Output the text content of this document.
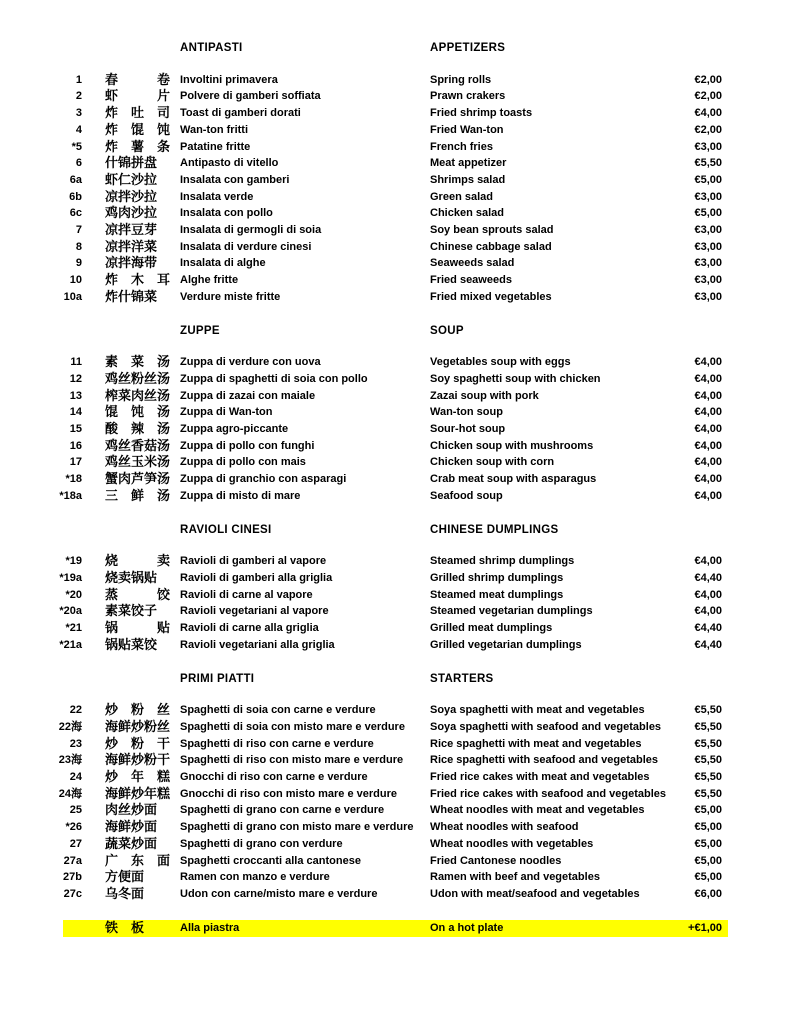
ANTIPASTI	APPETIZERS
1	春　　　卷 Involtini primavera	Spring rolls	€2,00
2	虾　　　片 Polvere di gamberi soffiata	Prawn crakers	€2,00
3	炸　吐　司 Toast di gamberi dorati	Fried shrimp toasts	€4,00
4	炸　馄　饨 Wan-ton fritti	Fried Wan-ton	€2,00
*5	炸　薯　条 Patatine fritte	French fries	€3,00
6	什锦拼盘	Antipasto di vitello	Meat appetizer	€5,50
6a	虾仁沙拉	Insalata con gamberi	Shrimps salad	€5,00
6b	凉拌沙拉	Insalata verde	Green salad	€3,00
6c	鸡肉沙拉	Insalata con pollo	Chicken salad	€5,00
7	凉拌豆芽	Insalata di germogli di soia	Soy bean sprouts salad	€3,00
8	凉拌洋菜	Insalata di verdure cinesi	Chinese cabbage salad	€3,00
9	凉拌海带	Insalata di alghe	Seaweeds salad	€3,00
10	炸　木　耳 Alghe fritte	Fried seaweeds	€3,00
10a	炸什锦菜	Verdure miste fritte	Fried mixed vegetables	€3,00
ZUPPE	SOUP
11	素　菜　汤 Zuppa di verdure con uova	Vegetables soup with eggs	€4,00
12	鸡丝粉丝汤 Zuppa di spaghetti di soia con pollo	Soy spaghetti soup with chicken	€4,00
13	榨菜肉丝汤 Zuppa di zazai con maiale	Zazai soup with pork	€4,00
14	馄　饨　汤 Zuppa di Wan-ton	Wan-ton soup	€4,00
15	酸　辣　汤 Zuppa agro-piccante	Sour-hot soup	€4,00
16	鸡丝香菇汤 Zuppa di pollo con funghi	Chicken soup with mushrooms	€4,00
17	鸡丝玉米汤 Zuppa di pollo con mais	Chicken soup with corn	€4,00
*18	蟹肉芦笋汤 Zuppa di granchio con asparagi	Crab meat soup with asparagus	€4,00
*18a	三　鲜　汤 Zuppa di misto di mare	Seafood soup	€4,00
RAVIOLI CINESI	CHINESE DUMPLINGS
*19	烧　　　卖 Ravioli di gamberi al vapore	Steamed shrimp dumplings	€4,00
*19a	烧卖锅贴	Ravioli di gamberi alla griglia	Grilled shrimp dumplings	€4,40
*20	蒸　　　饺 Ravioli di carne al vapore	Steamed meat dumplings	€4,00
*20a	素菜饺子	Ravioli vegetariani al vapore	Steamed vegetarian dumplings	€4,00
*21	锅　　　贴 Ravioli di carne alla griglia	Grilled meat dumplings	€4,40
*21a	锅贴菜饺	Ravioli vegetariani alla griglia	Grilled vegetarian dumplings	€4,40
PRIMI PIATTI	STARTERS
22	炒　粉　丝 Spaghetti di soia con carne e verdure	Soya spaghetti with meat and vegetables	€5,50
22海	海鲜炒粉丝 Spaghetti di soia con misto mare e verdure	Soya spaghetti with seafood and vegetables	€5,50
23	炒　粉　干 Spaghetti di riso con carne e verdure	Rice spaghetti with meat and vegetables	€5,50
23海	海鲜炒粉干 Spaghetti di riso con misto mare e verdure	Rice spaghetti with seafood and vegetables	€5,50
24	炒　年　糕 Gnocchi di riso con carne e verdure	Fried rice cakes with meat and vegetables	€5,50
24海	海鲜炒年糕 Gnocchi di riso con misto mare e verdure	Fried rice cakes with seafood and vegetables	€5,50
25	肉丝炒面	Spaghetti di grano con carne e verdure	Wheat noodles with meat and vegetables	€5,00
*26	海鲜炒面	Spaghetti di grano con misto mare e verdure	Wheat noodles with seafood	€5,00
27	蔬菜炒面	Spaghetti di grano con verdure	Wheat noodles with vegetables	€5,00
27a	广　东　面 Spaghetti croccanti alla cantonese	Fried Cantonese noodles	€5,00
27b	方便面	Ramen con manzo e verdure	Ramen with beef and vegetables	€5,00
27c	乌冬面	Udon con carne/misto mare e verdure	Udon with meat/seafood and vegetables	€6,00
铁　板	Alla piastra	On a hot plate	+€1,00
